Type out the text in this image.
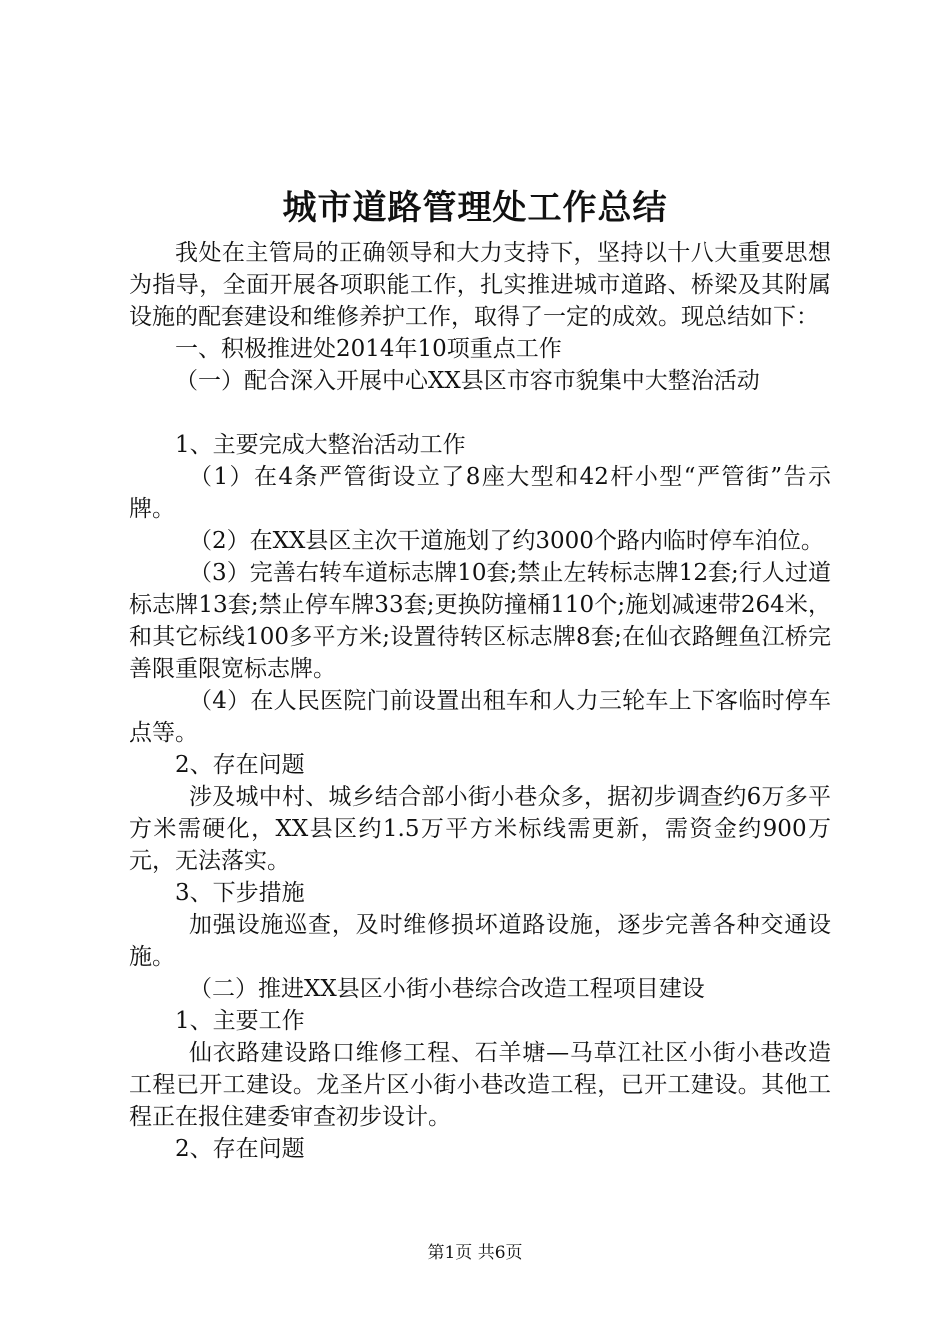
城市道路管理处工作总结

我处在主管局的正确领导和大力支持下，坚持以十八大重要思想为指导，全面开展各项职能工作，扎实推进城市道路、桥梁及其附属设施的配套建设和维修养护工作，取得了一定的成效。现总结如下：

一、积极推进处2014年10项重点工作

（一）配合深入开展中心XX县区市容市貌集中大整治活动

1、主要完成大整治活动工作

（1）在4条严管街设立了8座大型和42杆小型“严管街”告示牌。

（2）在XX县区主次干道施划了约3000个路内临时停车泊位。

（3）完善右转车道标志牌10套;禁止左转标志牌12套;行人过道标志牌13套;禁止停车牌33套;更换防撞桶110个;施划减速带264米，和其它标线100多平方米;设置待转区标志牌8套;在仙衣路鲤鱼江桥完善限重限宽标志牌。

（4）在人民医院门前设置出租车和人力三轮车上下客临时停车点等。

2、存在问题

涉及城中村、城乡结合部小街小巷众多，据初步调查约6万多平方米需硬化，XX县区约1.5万平方米标线需更新，需资金约900万元，无法落实。

3、下步措施

加强设施巡查，及时维修损坏道路设施，逐步完善各种交通设施。

（二）推进XX县区小街小巷综合改造工程项目建设

1、主要工作

仙衣路建设路口维修工程、石羊塘—马草江社区小街小巷改造工程已开工建设。龙圣片区小街小巷改造工程，已开工建设。其他工程正在报住建委审查初步设计。

2、存在问题

第1页 共6页
